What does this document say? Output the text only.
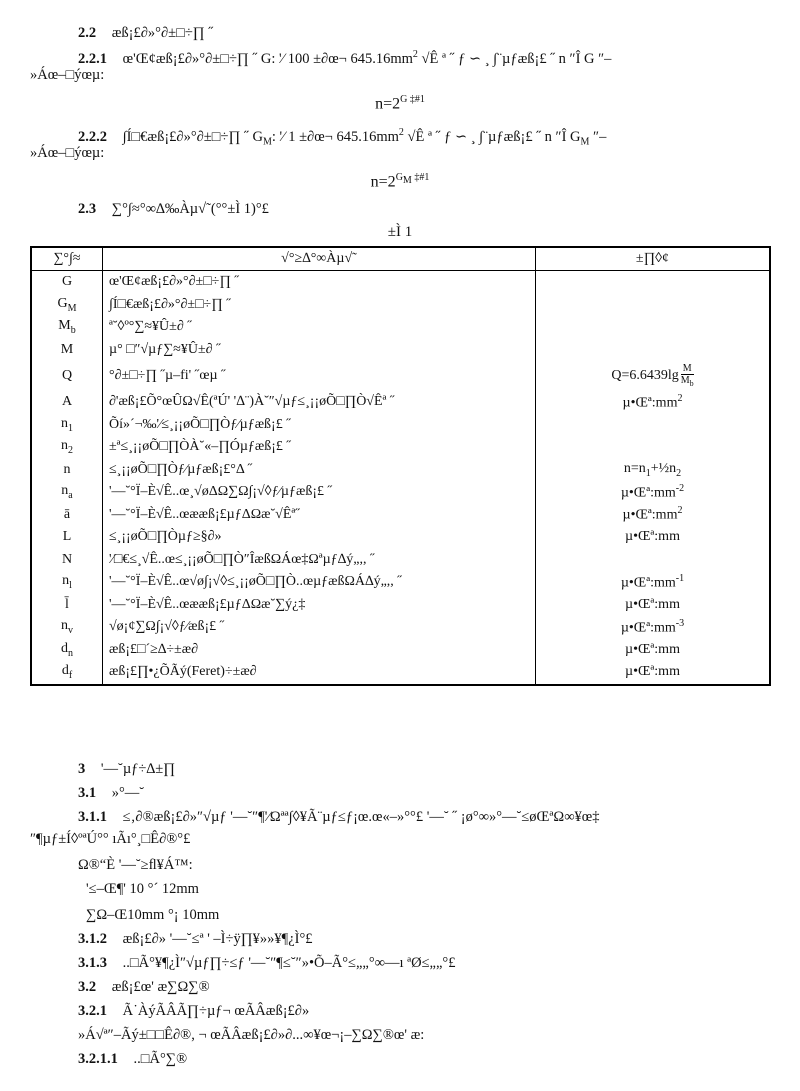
2.2 æß¡£∂»°∂±□÷∏ ˝
2.2.1 œ'Œ¢æß¡£∂»°∂±□÷∏ ˝ G: '⁄ 100 ±∂œ¬ $645.16mm^2$ √Ê ª ˝ ƒ ∽ ¸ ∫¨µƒæß¡£ ˝ n ″Î G ″–
»Áœ–□ýœµ:
$n=2^{G \ddagger\#1}$
2.2.2 ∫Í□€æß¡£∂»°∂±□÷∏ ˝ $G_M$: '⁄ 1 ±∂œ¬ $645.16mm^2$ √Ê ª ˝ ƒ ∽ ¸ ∫¨µƒæß¡£ ˝ n ″Î $G_M$ ″–
»Áœ–□ýœµ:
$n=2^{G_M \ddagger\#1}$
2.3 ∑°∫≈°∞∆‰Àµ√˜(°°±Ì 1)°£
±Ì 1
∑°∫≈	√°≥∆°∞Àµ√˜	±∏◊¢
G	œ'Œ¢æß¡£∂»°∂±□÷∏ ˝	
$G_M$	∫Í□€æß¡£∂»°∂±□÷∏ ˝	
$M_b$	ª˘◊º°∑≈¥Û±∂ ˝	
M	µ° □″√µƒ∑≈¥Û±∂ ˝	
Q	°∂±□÷∏ ˝µ–fi' ˝œµ ˝	$Q=6.6439\lg \frac{M}{M_b}$

A	∂'æß¡£Õ°œÛΩ√Ê(ªÚ' '∆¨)À˘″√µƒ≤¸¡¡øÕ□∏Ò√Êª ˝	$\mu•Œª:mm^2$
$n_1$	Õí»´¬‰'⁄≤¸¡¡øÕ□∏Òƒ⁄µƒæß¡£ ˝	
$n_2$	±ª≤¸¡¡øÕ□∏ÒÀ˘«–∏Óµƒæß¡£ ˝	
n	≤¸¡¡øÕ□∏Òƒ⁄µƒæß¡£°Δ ˝	$n=n_1+\frac{1}{2}n_2$
$n_a$	'—˘°Ï–È√Ê..œ¸√øΔΩ∑Ω∫¡√◊ƒ⁄µƒæß¡£ ˝	$\mu•Œª:mm^{-2}$
ā	'—˘°Ï–È√Ê..œææß¡£µƒΔΩæ˘√Êª˝	$\mu•Œª:mm^2$
L	≤¸¡¡øÕ□∏Òµƒ≥§∂»	µ•Œª:mm
N	'⁄□€≤¸√Ê..œ≤¸¡¡øÕ□∏Ò″ÎæßΩÁœ‡Ωªµƒ∆ý„,, ˝	
$n_l$	'—˘°Ï–È√Ê..œ√ø∫¡√◊≤¸¡¡øÕ□∏Ò..œµƒæßΩÁ∆ý„,, ˝	$\mu•Œª:mm^{-1}$
l̄	'—˘°Ï–È√Ê..œææß¡£µƒΔΩæ˘∑ý¿‡	µ•Œª:mm
$n_v$	√ø¡¢∑Ω∫¡√◊ƒ⁄æß¡£ ˝	$\mu•Œª:mm^{-3}$
$d_n$	æß¡£□´≥∆÷±æ∂	µ•Œª:mm
$d_f$	æß¡£∏•¿ÕÃý(Feret)÷±æ∂	µ•Œª:mm
3 '—˘µƒ÷∆±∏
3.1 »°—˘
3.1.1 ≤‚∂®æß¡£∂»″√µƒ '—˘″¶'⁄Ωªª∫◊¥Ã¨µƒ≤ƒ¡œ.œ«–»°°£ '—˘ ˝ ¡ø°∞»°—˘≤øŒªΩ∞¥œ‡
″¶µƒ±Í◊ºªÚ°° ıÃı°¸□Ê∂®°£
Ω®“È '—˘≥ﬂ¥Á™:
'≤–Œ¶' 10 °´ 12mm
∑Ω–Œ10mm °¡ 10mm
3.1.2 æß¡£∂» '—˘≤ª ' –Ì÷ÿ∏¥»»¥¶¿Ì°£
3.1.3 ..□Ã°¥¶¿Ì″√µƒ∏÷≤ƒ '—˘″¶≤˘″»•Õ–Ã°≤„„°∞—ı ªØ≤„„°£
3.2 æß¡£œ' æ∑Ω∑®
3.2.1 Ã˙ÀýÃÂÃ∏÷µƒ¬ œÃÂæß¡£∂»
»Á√ª″–Ãý±□□Ê∂®, ¬ œÃÂæß¡£∂»∂...∞¥œ¬¡–∑Ω∑®œ' æ:
3.2.1.1 ..□Ã°∑®
